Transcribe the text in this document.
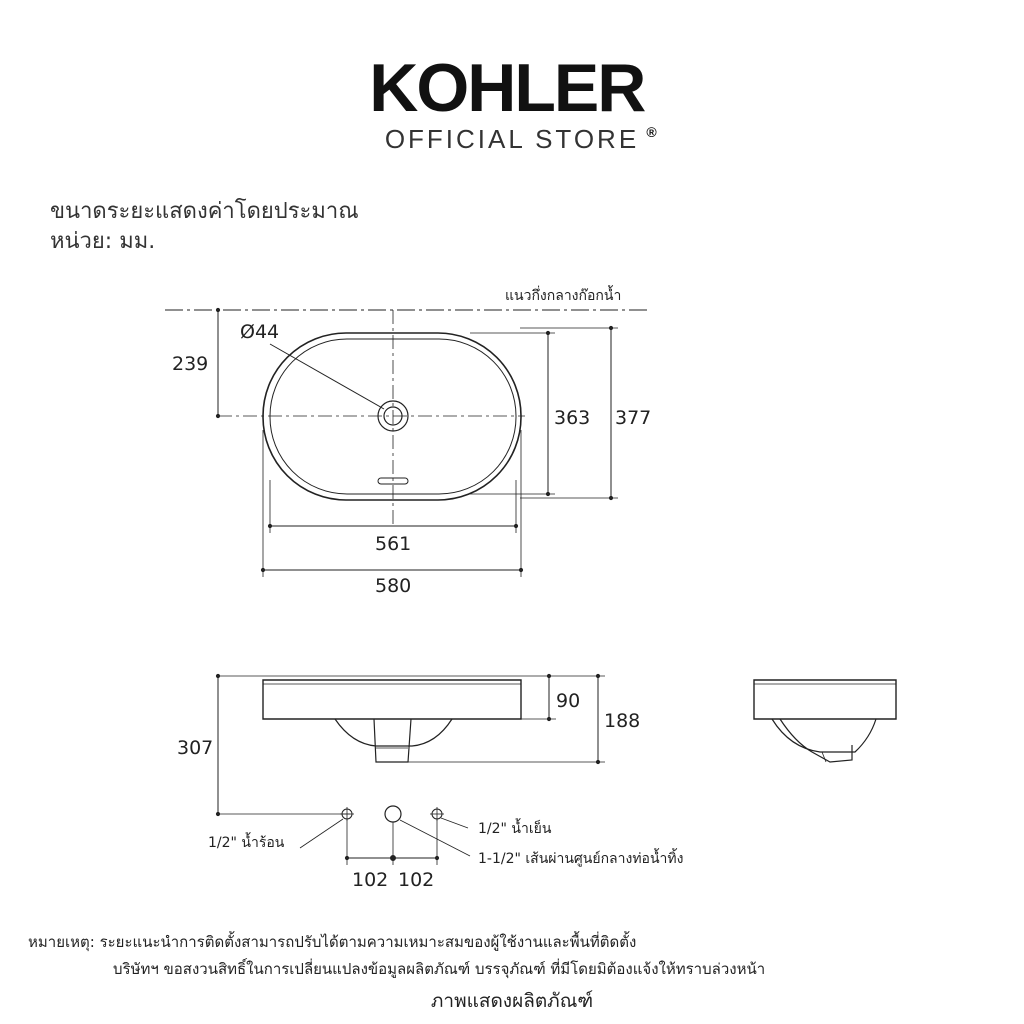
KOHLER®
OFFICIAL STORE
ขนาดระยะแสดงค่าโดยประมาณ
หน่วย: มม.
แนวกึ่งกลางก๊อกน้ำ
239
Ø44
363 377
561
580
90
188
307
102 102
1/2" น้ำร้อน
1/2" น้ำเย็น
1-1/2" เส้นผ่านศูนย์กลางท่อน้ำทิ้ง
หมายเหตุ: ระยะแนะนำการติดตั้งสามารถปรับได้ตามความเหมาะสมของผู้ใช้งานและพื้นที่ติดตั้ง
บริษัทฯ ขอสงวนสิทธิ์ในการเปลี่ยนแปลงข้อมูลผลิตภัณฑ์ บรรจุภัณฑ์ ที่มีโดยมิต้องแจ้งให้ทราบล่วงหน้า
ภาพแสดงผลิตภัณฑ์
